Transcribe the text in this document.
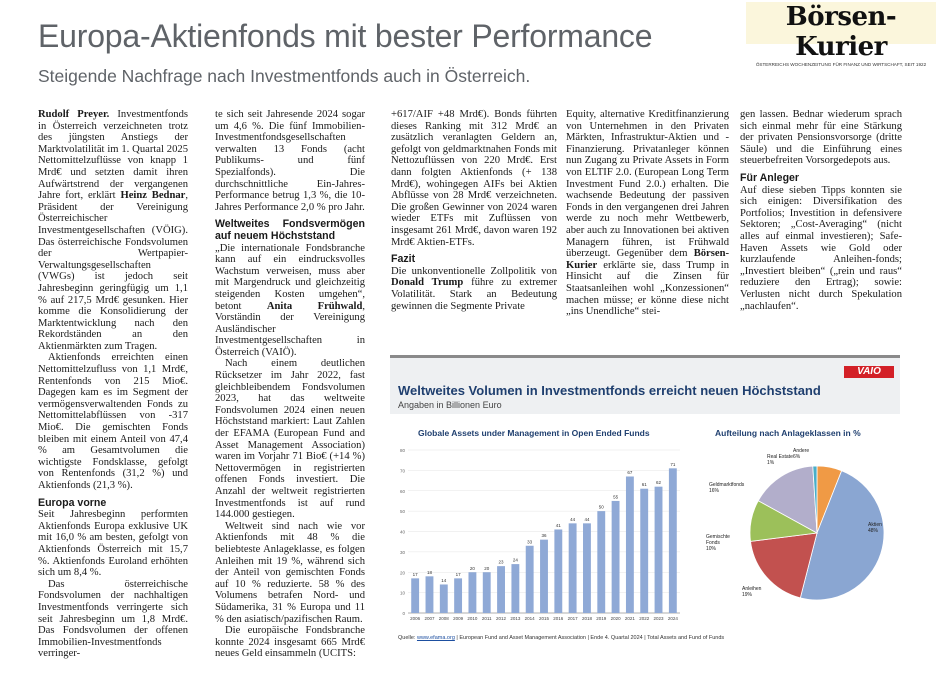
Börsen-Kurier
ÖSTERREICHS WOCHENZEITUNG FÜR FINANZ UND WIRTSCHAFT, SEIT 1922
Europa-Aktienfonds mit bester Performance
Steigende Nachfrage nach Investmentfonds auch in Österreich.

Rudolf Preyer. Investmentfonds in Österreich verzeichneten trotz des jüngsten Anstiegs der Marktvolatilität im 1. Quartal 2025 Nettomittelzuflüsse von knapp 1 Mrd€ und setzten damit ihren Aufwärtstrend der vergangenen Jahre fort, erklärt Heinz Bednar, Präsident der Vereinigung Österreichischer Investmentgesellschaften (VÖIG). Das österreichische Fondsvolumen der Wertpapier-Verwaltungsgesellschaften (VWGs) ist jedoch seit Jahresbeginn geringfügig um 1,1 % auf 217,5 Mrd€ gesunken. Hier komme die Konsolidierung der Marktentwicklung nach den Rekordständen an den Aktienmärkten zum Tragen.

Aktienfonds erreichten einen Nettomittelzufluss von 1,1 Mrd€, Rentenfonds von 215 Mio€. Dagegen kam es im Segment der vermögensverwaltenden Fonds zu Nettomittelabflüssen von -317 Mio€. Die gemischten Fonds bleiben mit einem Anteil von 47,4 % am Gesamtvolumen die wichtigste Fondsklasse, gefolgt von Rentenfonds (31,2 %) und Aktienfonds (21,3 %).

Europa vorne

Seit Jahresbeginn performten Aktienfonds Europa exklusive UK mit 16,0 % am besten, gefolgt von Aktienfonds Österreich mit 15,7 %. Aktienfonds Euroland erhöhten sich um 8,4 %.

Das österreichische Fondsvolumen der nachhaltigen Investmentfonds verringerte sich seit Jahresbeginn um 1,8 Mrd€. Das Fondsvolumen der offenen Immobilien-Investmentfonds verringer-

te sich seit Jahresende 2024 sogar um 4,6 %. Die fünf Immobilien-Investmentfondsgesellschaften verwalten 13 Fonds (acht Publikums- und fünf Spezialfonds). Die durchschnittliche Ein-Jahres-Performance betrug 1,3 %, die 10-Jahres Performance 2,0 % pro Jahr.

Weltweites Fondsvermögen auf neuem Höchststand

„Die internationale Fondsbranche kann auf ein eindrucksvolles Wachstum verweisen, muss aber mit Margendruck und gleichzeitig steigenden Kosten umgehen“, betont Anita Frühwald, Vorständin der Vereinigung Ausländischer Investmentgesellschaften in Österreich (VAIÖ).

Nach einem deutlichen Rücksetzer im Jahr 2022, fast gleichbleibendem Fondsvolumen 2023, hat das weltweite Fondsvolumen 2024 einen neuen Höchststand markiert: Laut Zahlen der EFAMA (European Fund and Asset Management Association) waren im Vorjahr 71 Bio€ (+14 %) Nettovermögen in registrierten offenen Fonds investiert. Die Anzahl der weltweit registrierten Investmentfonds ist auf rund 144.000 gestiegen.

Weltweit sind nach wie vor Aktienfonds mit 48 % die beliebteste Anlageklasse, es folgen Anleihen mit 19 %, während sich der Anteil von gemischten Fonds auf 10 % reduzierte. 58 % des Volumens betrafen Nord- und Südamerika, 31 % Europa und 11 % den asiatisch/pazifischen Raum.

Die europäische Fondsbranche konnte 2024 insgesamt 665 Mrd€ neues Geld einsammeln (UCITS:

+617/AIF +48 Mrd€). Bonds führten dieses Ranking mit 312 Mrd€ an zusätzlich veranlagten Geldern an, gefolgt von geldmarktnahen Fonds mit Nettozuflüssen von 220 Mrd€. Erst dann folgten Aktienfonds (+ 138 Mrd€), wohingegen AIFs bei Aktien Abflüsse von 28 Mrd€ verzeichneten. Die großen Gewinner von 2024 waren wieder ETFs mit Zuflüssen von insgesamt 261 Mrd€, davon waren 192 Mrd€ Aktien-ETFs.

Fazit

Die unkonventionelle Zollpolitik von Donald Trump führe zu extremer Volatilität. Stark an Bedeutung gewinnen die Segmente Private

Equity, alternative Kreditfinanzierung von Unternehmen in den Privaten Märkten, Infrastruktur-Aktien und -Finanzierung. Privatanleger können nun Zugang zu Private Assets in Form von ELTIF 2.0. (European Long Term Investment Fund 2.0.) erhalten. Die wachsende Bedeutung der passiven Fonds in den vergangenen drei Jahren werde zu noch mehr Wettbewerb, aber auch zu Innovationen bei aktiven Managern führen, ist Frühwald überzeugt. Gegenüber dem Börsen-Kurier erklärte sie, dass Trump in Hinsicht auf die Zinsen für Staatsanleihen wohl „Konzessionen“ machen müsse; er könne diese nicht „ins Unendliche“ stei-

gen lassen. Bednar wiederum sprach sich einmal mehr für eine Stärkung der privaten Pensionsvorsorge (dritte Säule) und die Einführung eines steuerbefreiten Vorsorgedepots aus.

Für Anleger

Auf diese sieben Tipps konnten sie sich einigen: Diversifikation des Portfolios; Investition in defensivere Sektoren; „Cost-Averaging“ (nicht alles auf einmal investieren); Safe-Haven Assets wie Gold oder kurzlaufende Anleihen-fonds; „Investiert bleiben“ („rein und raus“ reduziere den Ertrag); sowie: Verlusten nicht durch Spekulation „nachlaufen“.

VAIÖ
Weltweites Volumen in Investmentfonds erreicht neuen Höchststand
Angaben in Billionen Euro
Globale Assets under Management in Open Ended Funds
0
10
20
30
40
50
60
70
80
17
2006
18
2007
14
2008
17
2009
20
2010
20
2011
23
2012
24
2013
33
2014
36
2015
41
2016
44
2017
44
2018
50
2019
55
2020
67
2021
61
2022
62
2023
71
2024
Aufteilung nach Anlageklassen in %
Aktien
48%
Anleihen
19%
Gemischte
Fonds
10%
Geldmarktfonds
16%
Real Estate
1%
Andere
6%
Quelle: www.efama.org | European Fund and Asset Management Association | Ende 4. Quartal 2024 | Total Assets and Fund of Funds
